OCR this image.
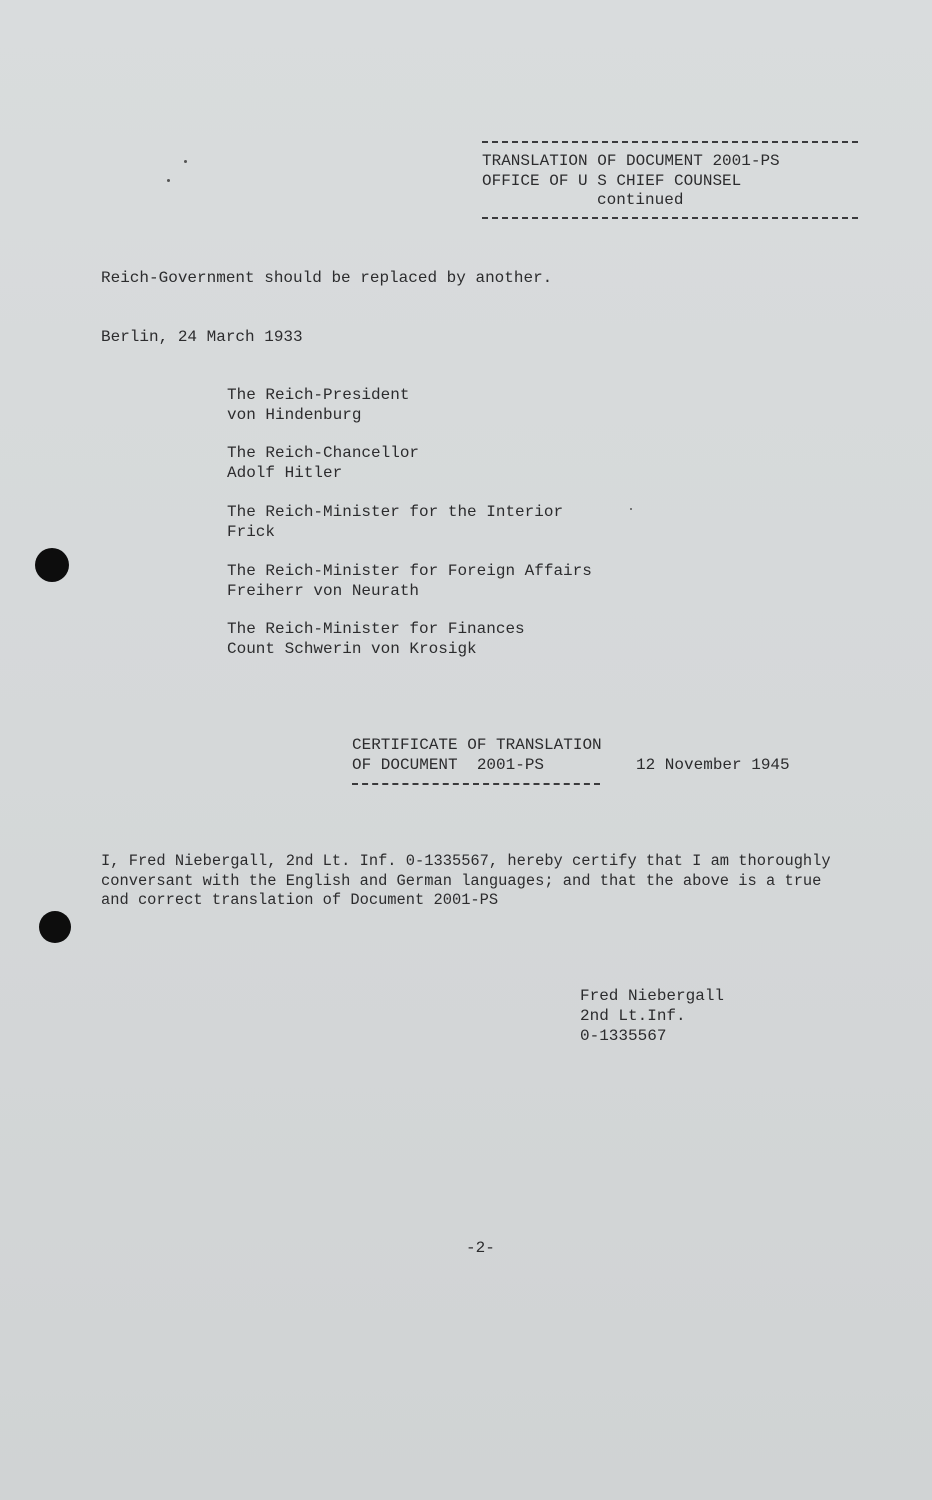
TRANSLATION OF DOCUMENT 2001-PS
OFFICE OF U S CHIEF COUNSEL
continued
Reich-Government should be replaced by another.
Berlin, 24 March 1933
The Reich-President
von Hindenburg
The Reich-Chancellor
Adolf Hitler
The Reich-Minister for the Interior
Frick
The Reich-Minister for Foreign Affairs
Freiherr von Neurath
The Reich-Minister for Finances
Count Schwerin von Krosigk
CERTIFICATE OF TRANSLATION
OF DOCUMENT  2001-PS	12 November 1945
I, Fred Niebergall, 2nd Lt. Inf. 0-1335567, hereby certify that I am thoroughly
conversant with the English and German languages; and that the above is a true
and correct translation of Document 2001-PS
Fred Niebergall
2nd Lt.Inf.
0-1335567
-2-
